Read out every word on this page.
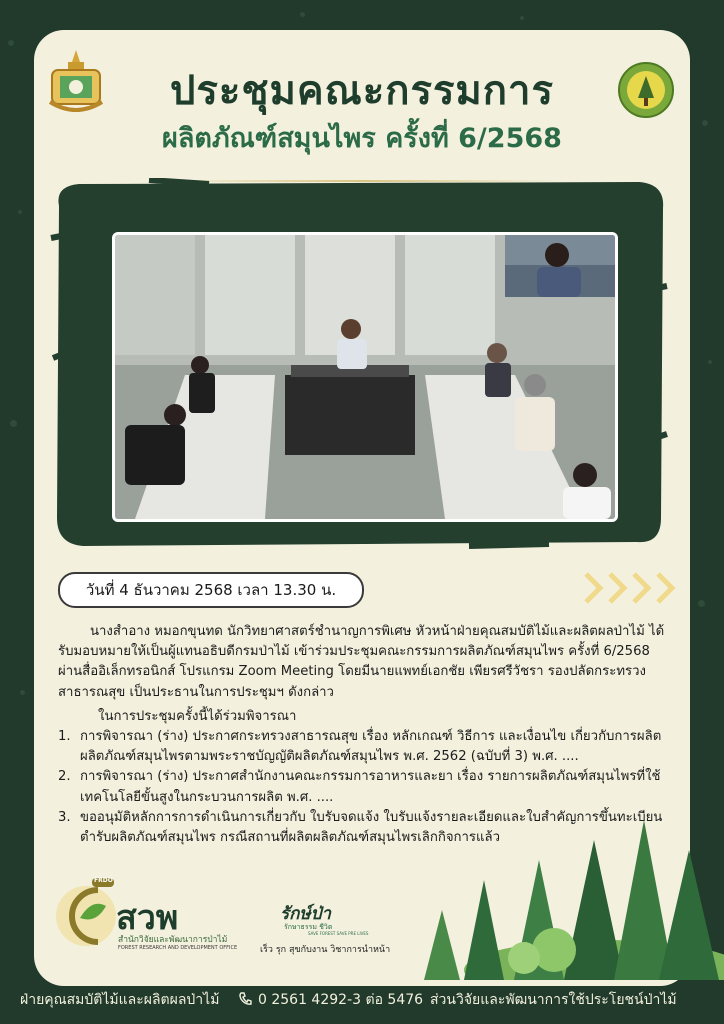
ประชุมคณะกรรมการ
ผลิตภัณฑ์สมุนไพร ครั้งที่ 6/2568
วันที่ 4 ธันวาคม 2568 เวลา 13.30 น.

นางสำอาง หมอกขุนทด นักวิทยาศาสตร์ชำนาญการพิเศษ หัวหน้าฝ่ายคุณสมบัติไม้และผลิตผลป่าไม้ ได้รับมอบหมายให้เป็นผู้แทนอธิบดีกรมป่าไม้ เข้าร่วมประชุมคณะกรรมการผลิตภัณฑ์สมุนไพร ครั้งที่ 6/2568 ผ่านสื่ออิเล็กทรอนิกส์ โปรแกรม Zoom Meeting โดยมีนายแพทย์เอกชัย เพียรศรีวัชรา รองปลัดกระทรวงสาธารณสุข เป็นประธานในการประชุมฯ ดังกล่าว

ในการประชุมครั้งนี้ได้ร่วมพิจารณา

1. การพิจารณา (ร่าง) ประกาศกระทรวงสาธารณสุข เรื่อง หลักเกณฑ์ วิธีการ และเงื่อนไข เกี่ยวกับการผลิตผลิตภัณฑ์สมุนไพรตามพระราชบัญญัติผลิตภัณฑ์สมุนไพร พ.ศ. 2562 (ฉบับที่ 3) พ.ศ. ....
2. การพิจารณา (ร่าง) ประกาศสำนักงานคณะกรรมการอาหารและยา เรื่อง รายการผลิตภัณฑ์สมุนไพรที่ใช้เทคโนโลยีขั้นสูงในกระบวนการผลิต พ.ศ. ....
3. ขออนุมัติหลักการการดำเนินการเกี่ยวกับ ใบรับจดแจ้ง ใบรับแจ้งรายละเอียดและใบสำคัญการขึ้นทะเบียนตำรับผลิตภัณฑ์สมุนไพร กรณีสถานที่ผลิตผลิตภัณฑ์สมุนไพรเลิกกิจการแล้ว
FRDO
สวพ
สำนักวิจัยและพัฒนาการป่าไม้
FOREST RESEARCH AND DEVELOPMENT OFFICE
รักษ์ป่า
รักษาธรรม ชีวิต
SAVE FOREST SAVE PRE LIVES
เร็ว รุก สุขกับงาน วิชาการนำหน้า
ฝ่ายคุณสมบัติไม้และผลิตผลป่าไม้	0 2561 4292-3 ต่อ 5476 ส่วนวิจัยและพัฒนาการใช้ประโยชน์ป่าไม้
